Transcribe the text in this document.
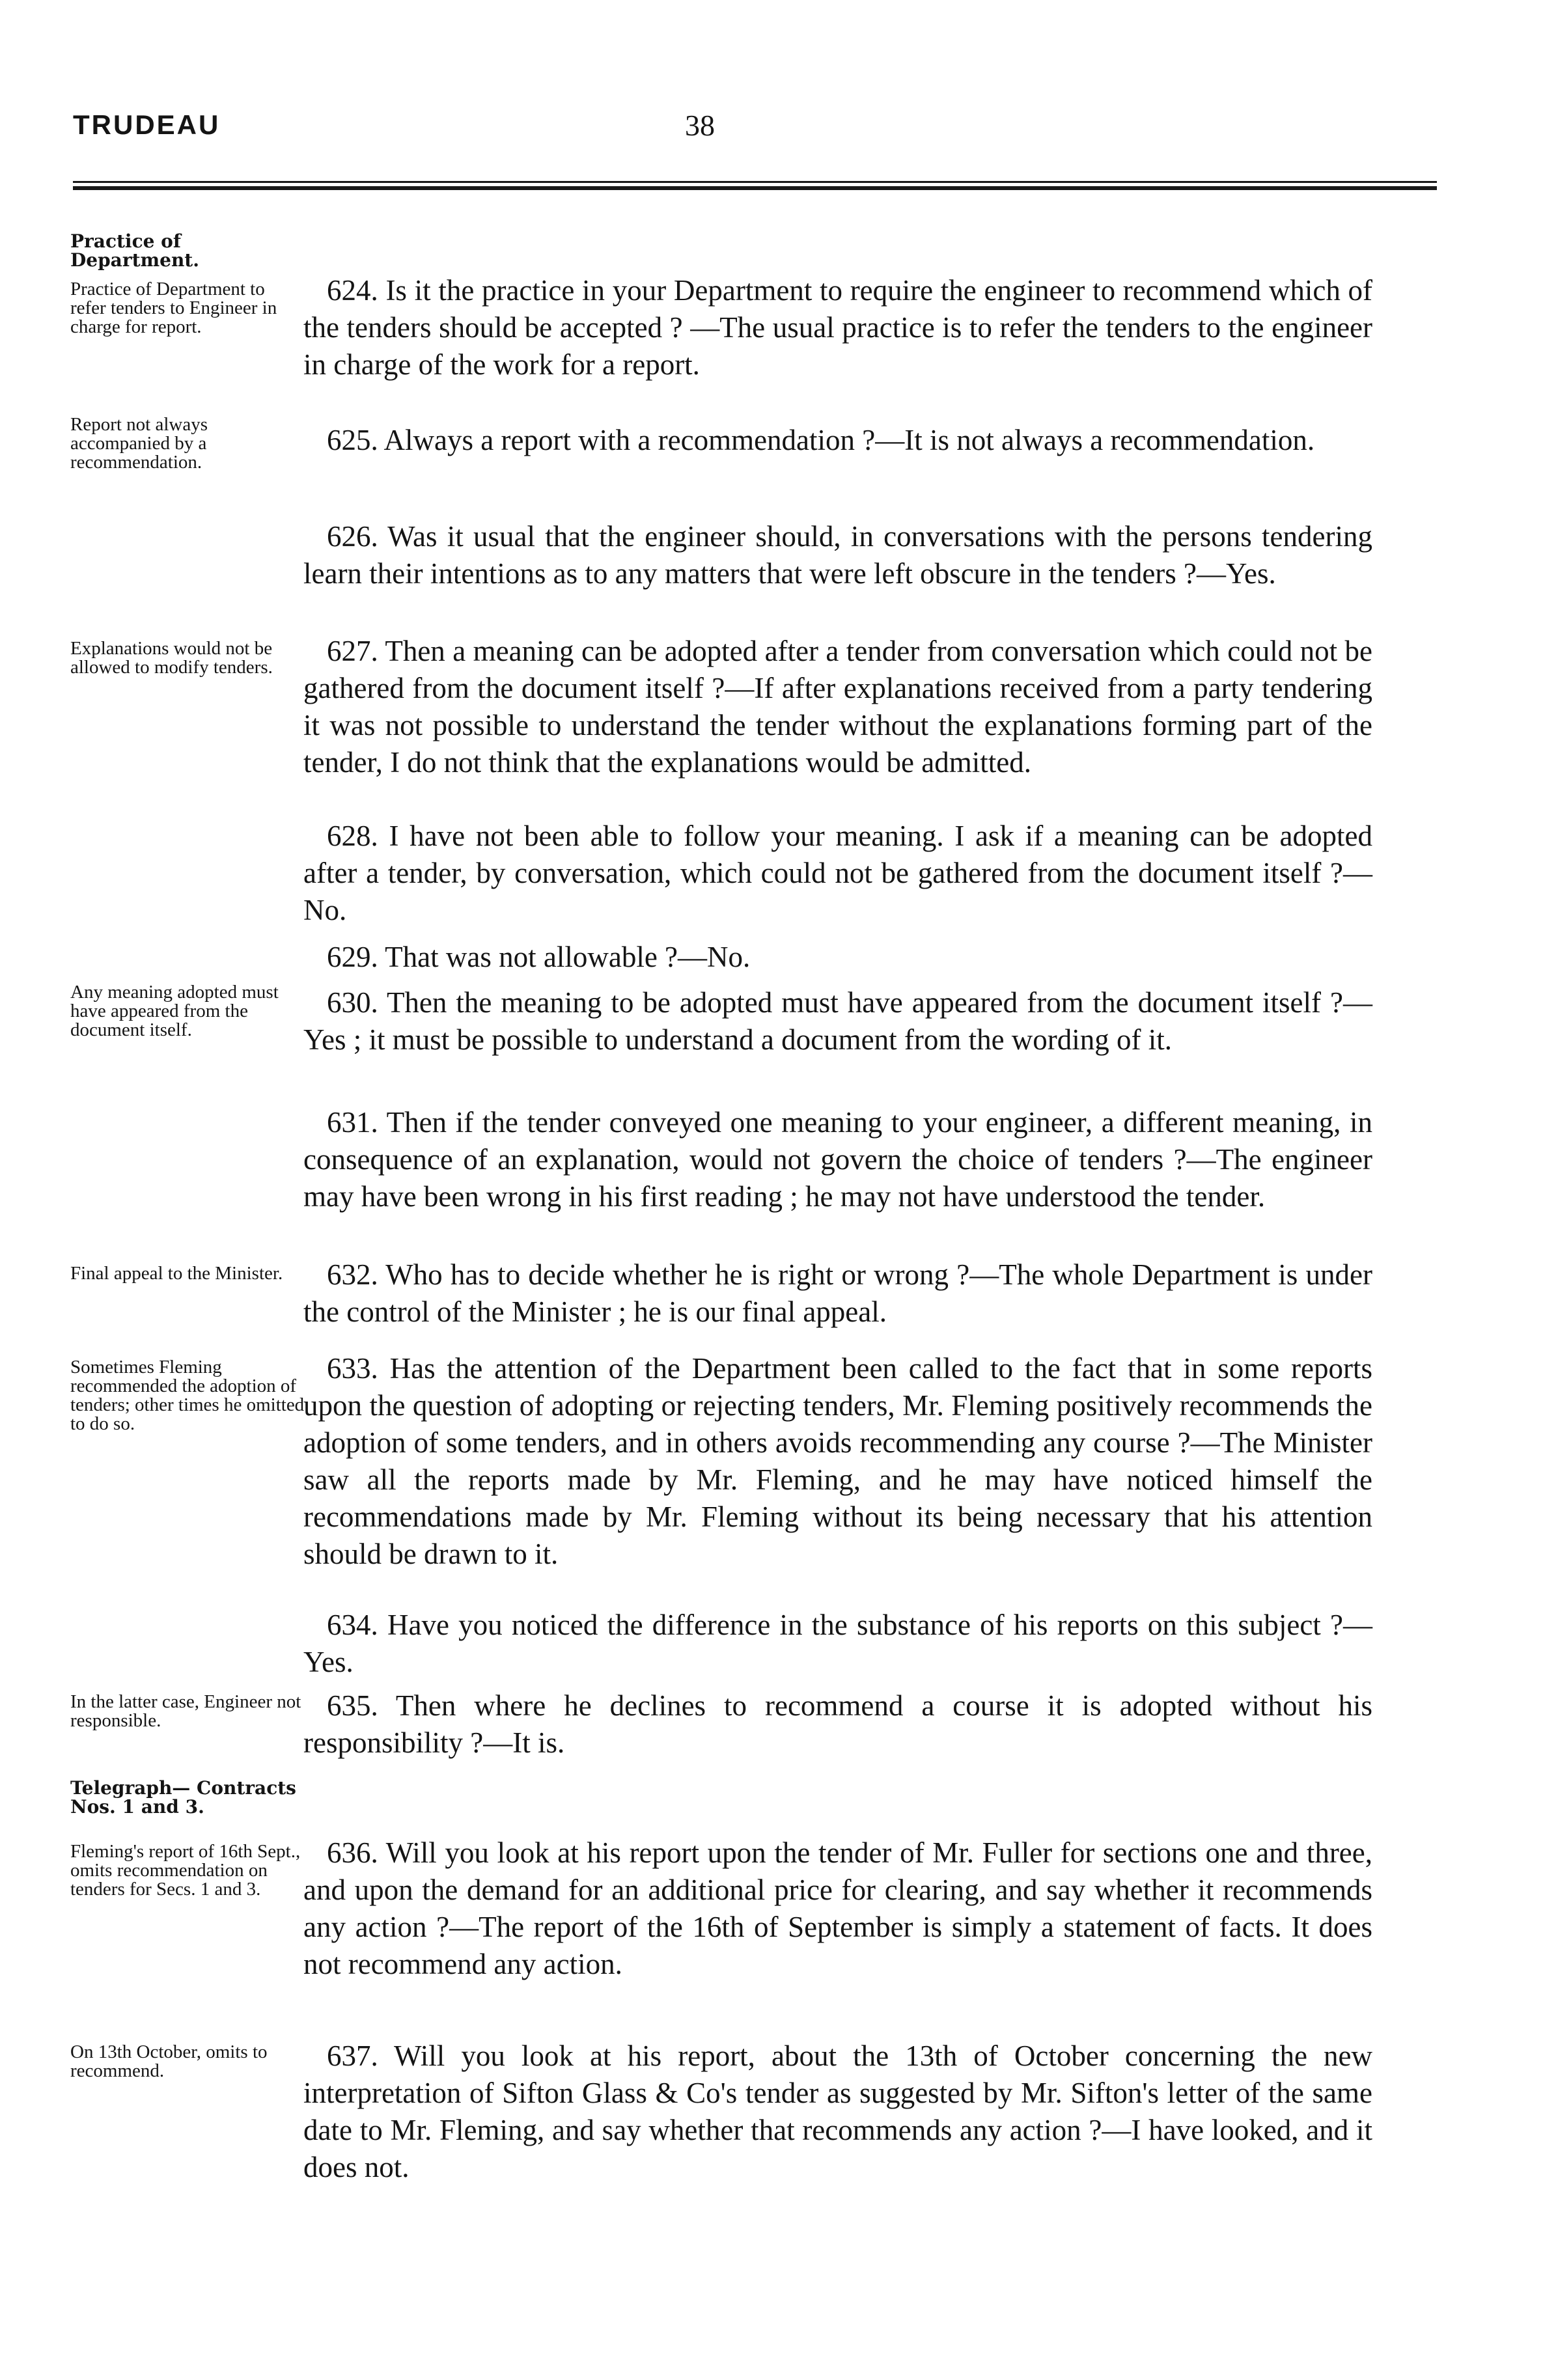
TRUDEAU	38
Practice of Department.
Practice of Department to refer tenders to Engineer in charge for report.
Report not always accompanied by a recommendation.
Explanations would not be allowed to modify tenders.
Any meaning adopted must have appeared from the document itself.
Final appeal to the Minister.
Sometimes Fleming recommended the adoption of tenders; other times he omitted to do so.
In the latter case, Engineer not responsible.
Telegraph— Contracts Nos. 1 and 3.
Fleming's report of 16th Sept., omits recommendation on tenders for Secs. 1 and 3.
On 13th October, omits to recommend.
624. Is it the practice in your Department to require the engineer to recommend which of the tenders should be accepted ? —The usual practice is to refer the tenders to the engineer in charge of the work for a report.
625. Always a report with a recommendation ?—It is not always a recommendation.
626. Was it usual that the engineer should, in conversations with the persons tendering learn their intentions as to any matters that were left obscure in the tenders ?—Yes.
627. Then a meaning can be adopted after a tender from conversation which could not be gathered from the document itself ?—If after explanations received from a party tendering it was not possible to understand the tender without the explanations forming part of the tender, I do not think that the explanations would be admitted.
628. I have not been able to follow your meaning. I ask if a meaning can be adopted after a tender, by conversation, which could not be gathered from the document itself ?—No.
629. That was not allowable ?—No.
630. Then the meaning to be adopted must have appeared from the document itself ?—Yes ; it must be possible to understand a document from the wording of it.
631. Then if the tender conveyed one meaning to your engineer, a different meaning, in consequence of an explanation, would not govern the choice of tenders ?—The engineer may have been wrong in his first reading ; he may not have understood the tender.
632. Who has to decide whether he is right or wrong ?—The whole Department is under the control of the Minister ; he is our final appeal.
633. Has the attention of the Department been called to the fact that in some reports upon the question of adopting or rejecting tenders, Mr. Fleming positively recommends the adoption of some tenders, and in others avoids recommending any course ?—The Minister saw all the reports made by Mr. Fleming, and he may have noticed himself the recommendations made by Mr. Fleming without its being necessary that his attention should be drawn to it.
634. Have you noticed the difference in the substance of his reports on this subject ?—Yes.
635. Then where he declines to recommend a course it is adopted without his responsibility ?—It is.
636. Will you look at his report upon the tender of Mr. Fuller for sections one and three, and upon the demand for an additional price for clearing, and say whether it recommends any action ?—The report of the 16th of September is simply a statement of facts. It does not recommend any action.
637. Will you look at his report, about the 13th of October concerning the new interpretation of Sifton Glass & Co's tender as suggested by Mr. Sifton's letter of the same date to Mr. Fleming, and say whether that recommends any action ?—I have looked, and it does not.
